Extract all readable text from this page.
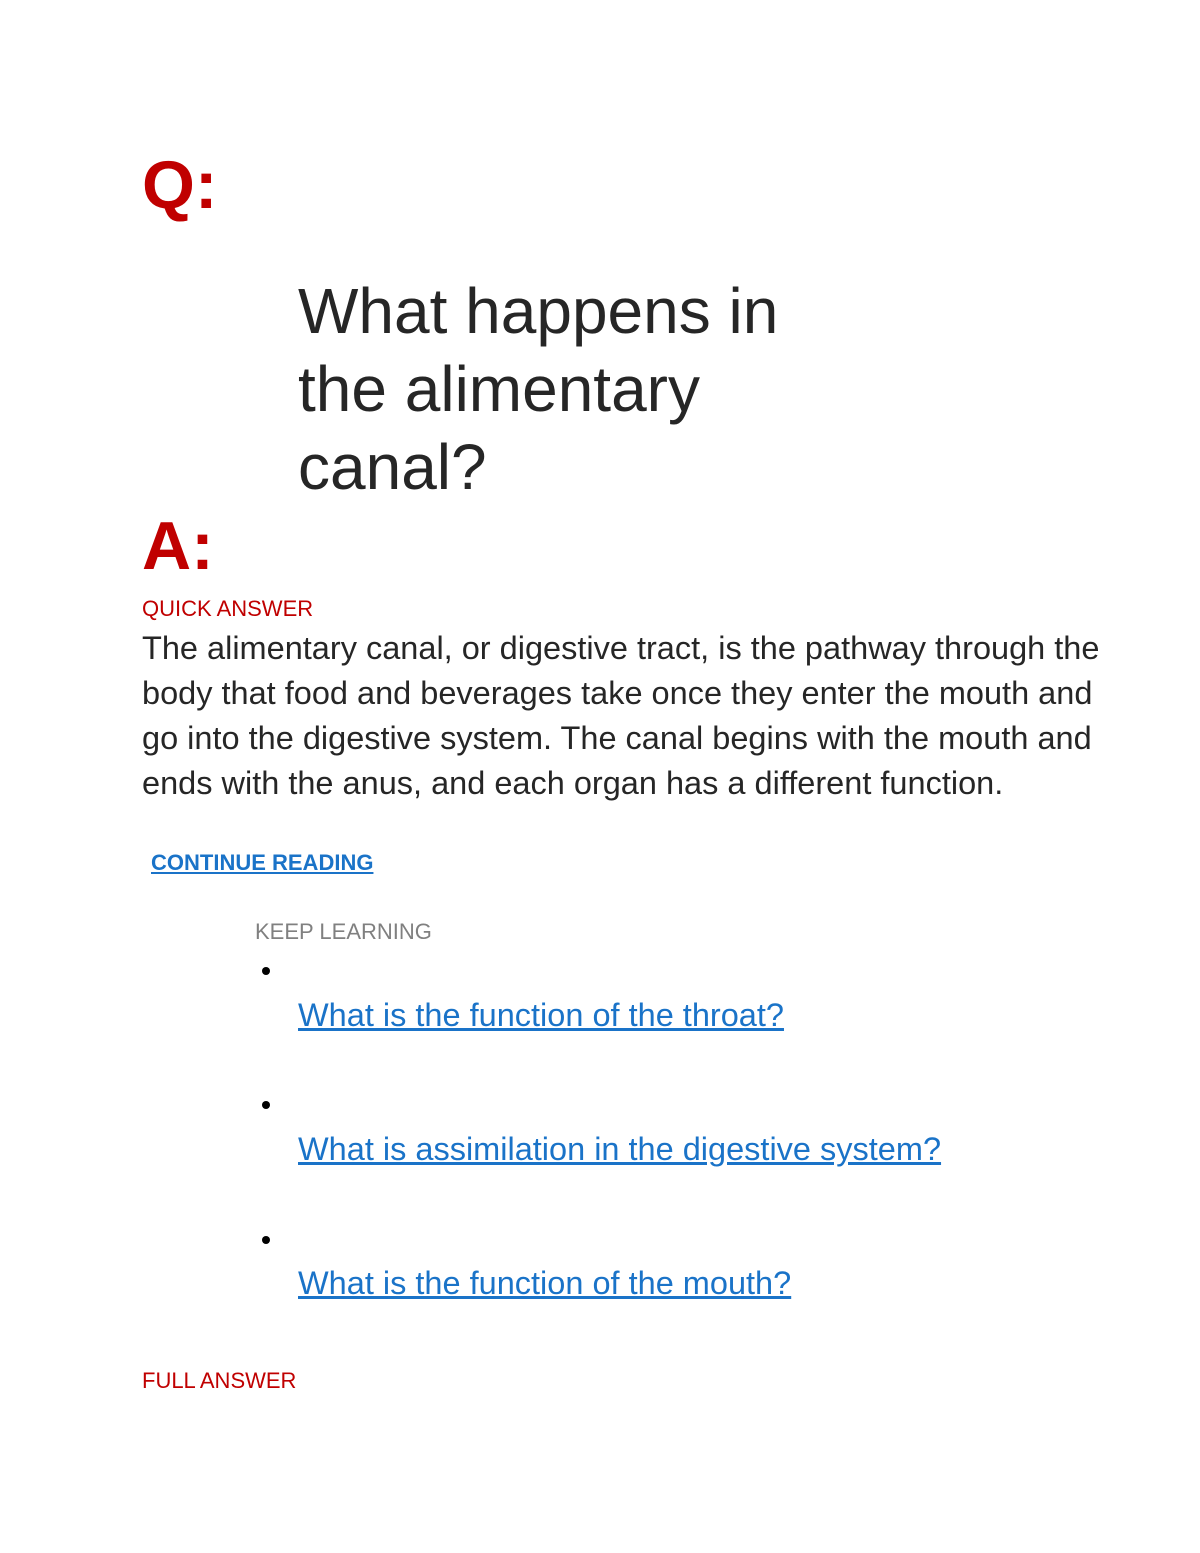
Q:
What happens in the alimentary canal?
A:
QUICK ANSWER
The alimentary canal, or digestive tract, is the pathway through the body that food and beverages take once they enter the mouth and go into the digestive system. The canal begins with the mouth and ends with the anus, and each organ has a different function.
CONTINUE READING
KEEP LEARNING
What is the function of the throat?
What is assimilation in the digestive system?
What is the function of the mouth?
FULL ANSWER
